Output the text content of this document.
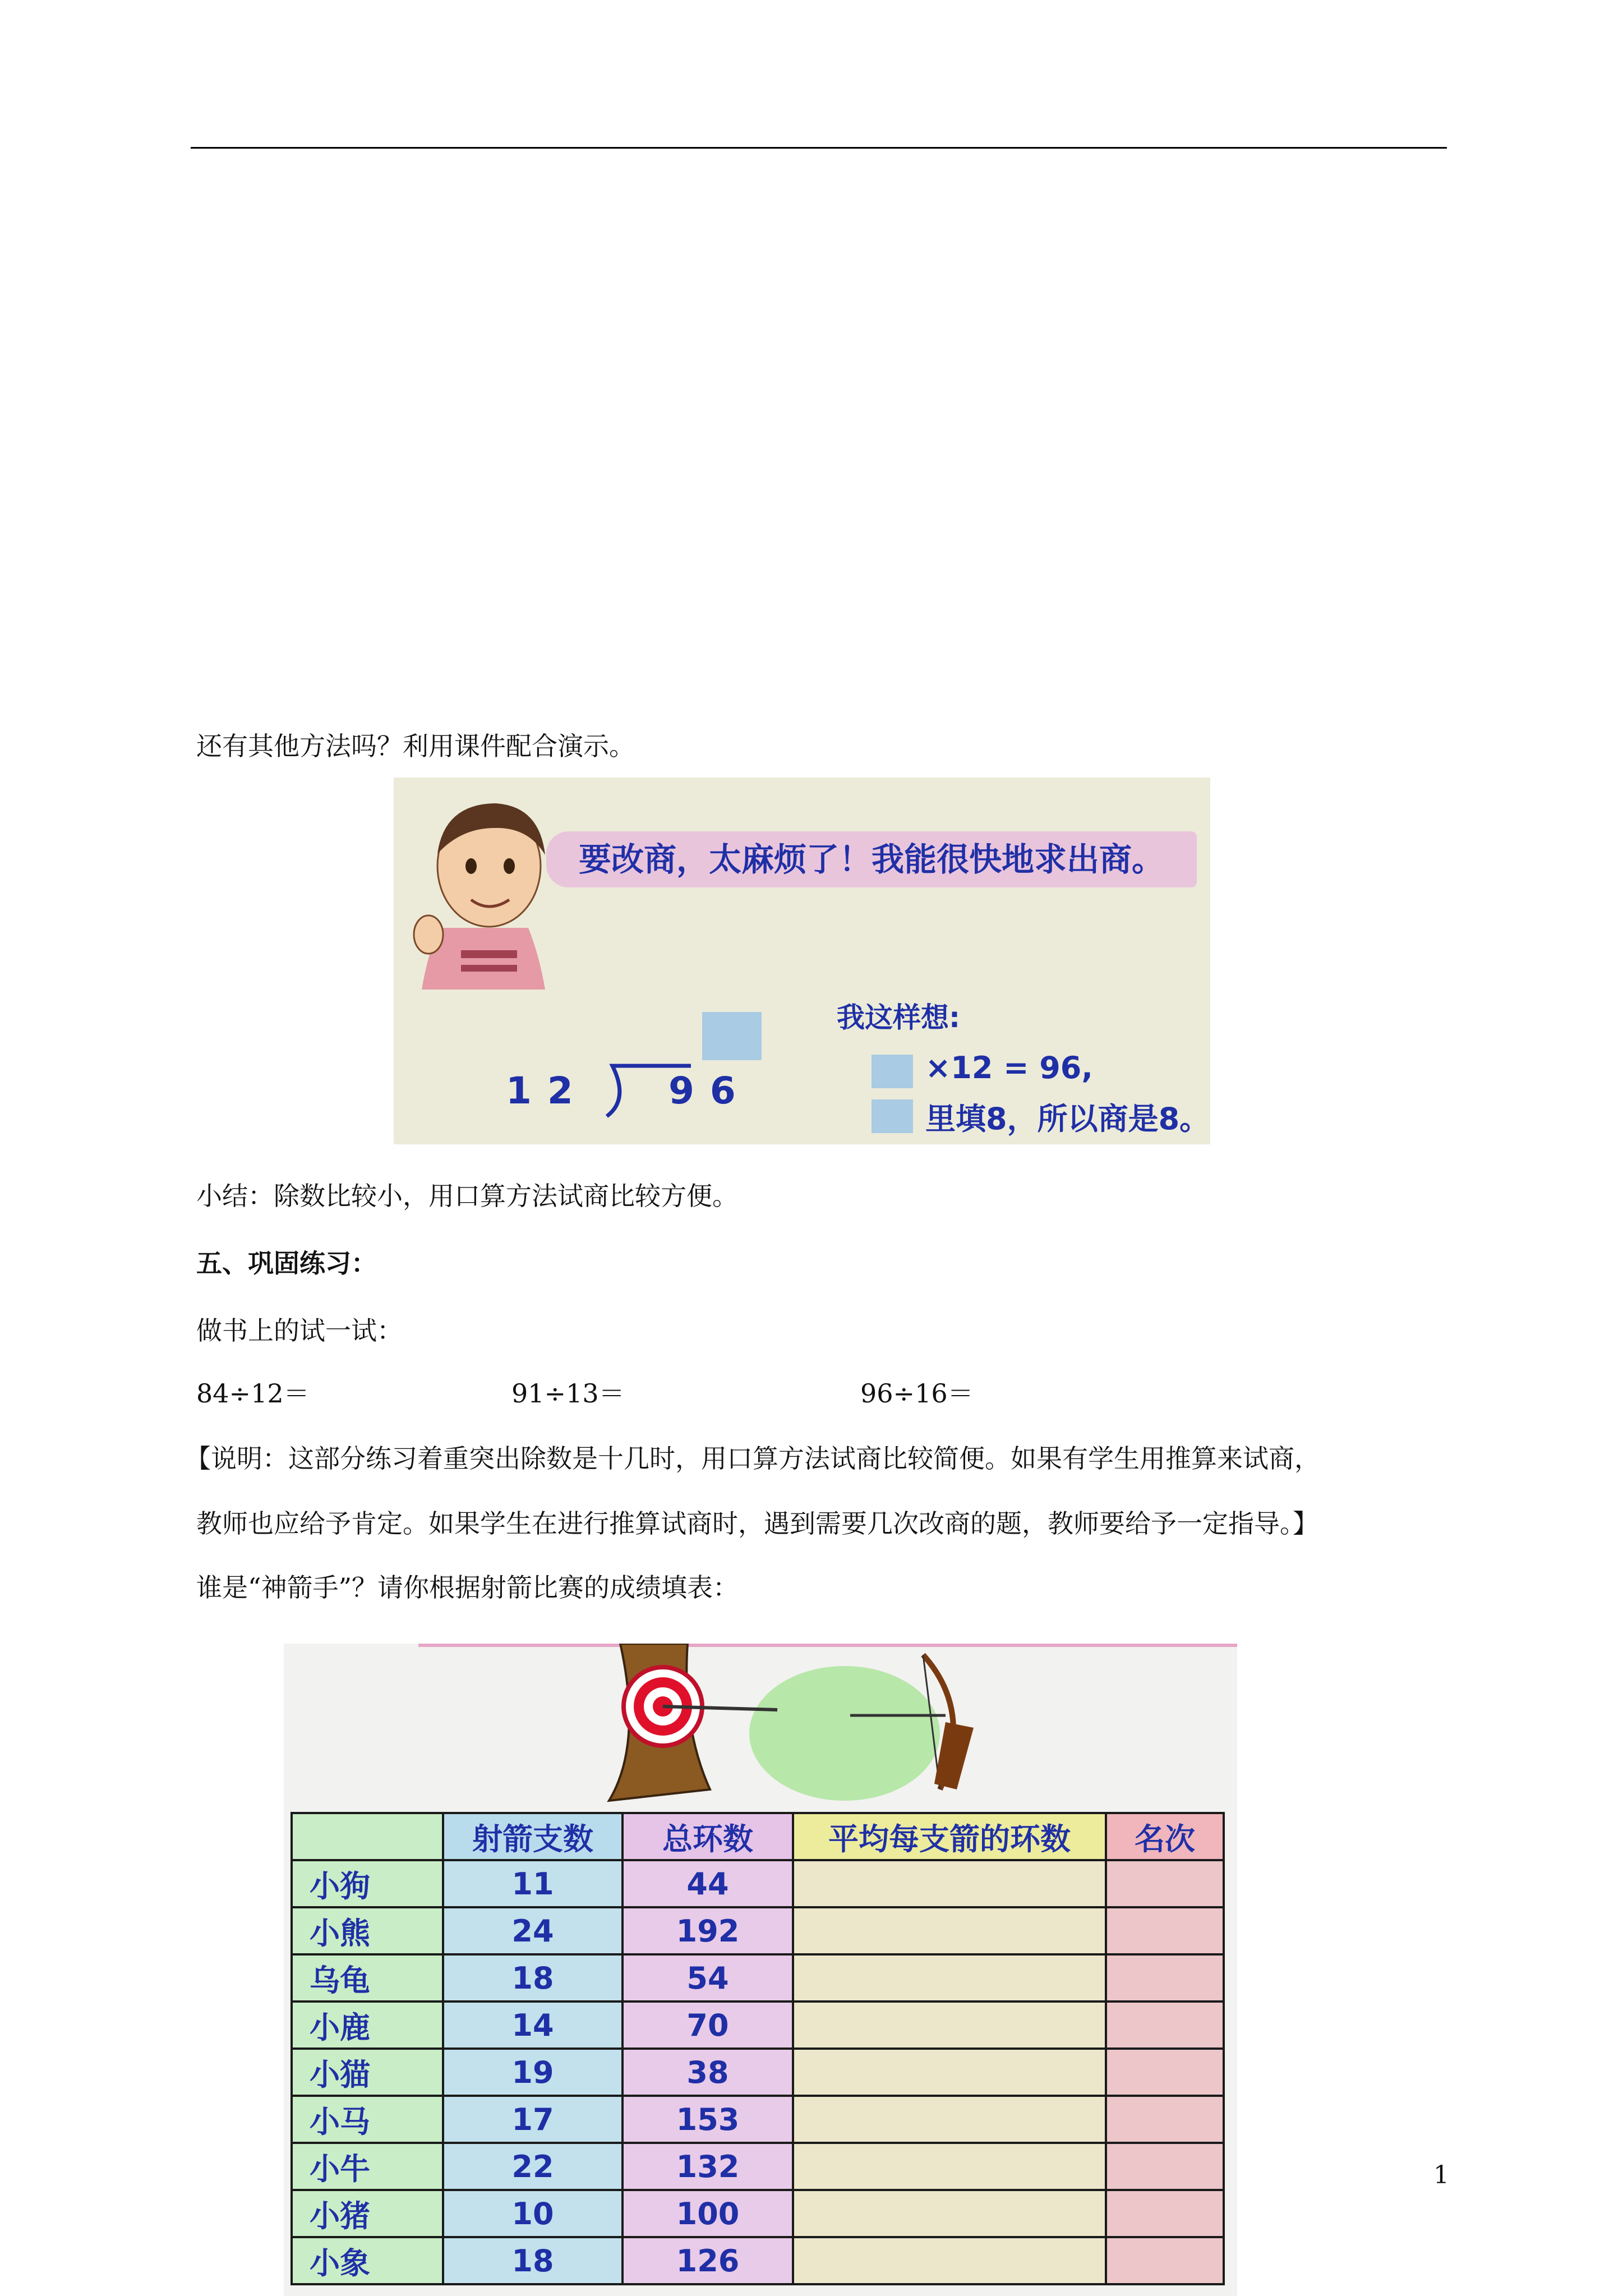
还有其他方法吗？利用课件配合演示。
要改商，太麻烦了！我能很快地求出商。
我这样想:
12 96
×12 = 96,
里填8，所以商是8。
小结：除数比较小，用口算方法试商比较方便。
五、巩固练习：
做书上的试一试：
84÷12＝	91÷13＝	96÷16＝
【说明：这部分练习着重突出除数是十几时，用口算方法试商比较简便。如果有学生用推算来试商，
教师也应给予肯定。如果学生在进行推算试商时，遇到需要几次改商的题，教师要给予一定指导。】
谁是“神箭手”？请你根据射箭比赛的成绩填表：
	射箭支数	总环数	平均每支箭的环数	名次
小狗	11	44		
小熊	24	192		
乌龟	18	54		
小鹿	14	70		
小猫	19	38		
小马	17	153		
小牛	22	132		
小猪	10	100		
小象	18	126		
1
